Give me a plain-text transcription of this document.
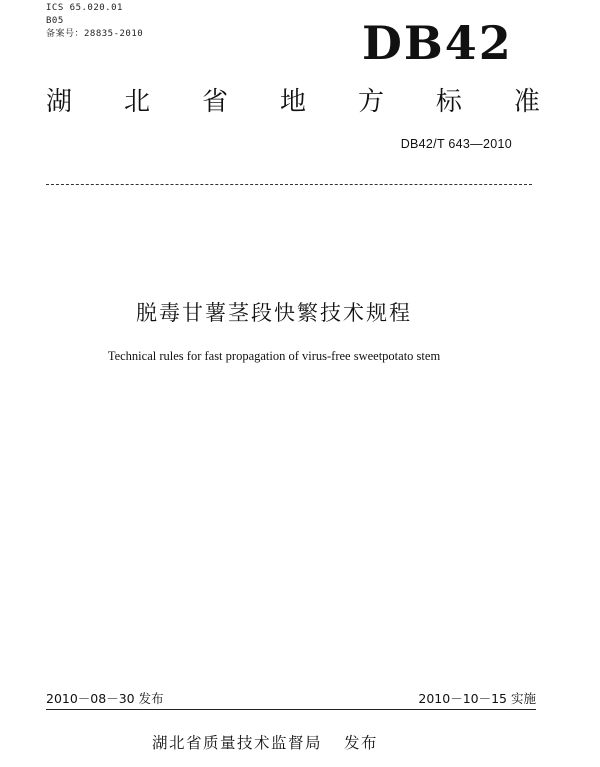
ICS 65.020.01
B05
备案号：28835-2010	DB42
湖 北 省 地 方 标 准
DB42/T 643—2010
脱毒甘薯茎段快繁技术规程
Technical rules for fast propagation of virus-free sweetpotato stem
2010－08－30 发布	2010－10－15 实施
湖北省质量技术监督局 发布
